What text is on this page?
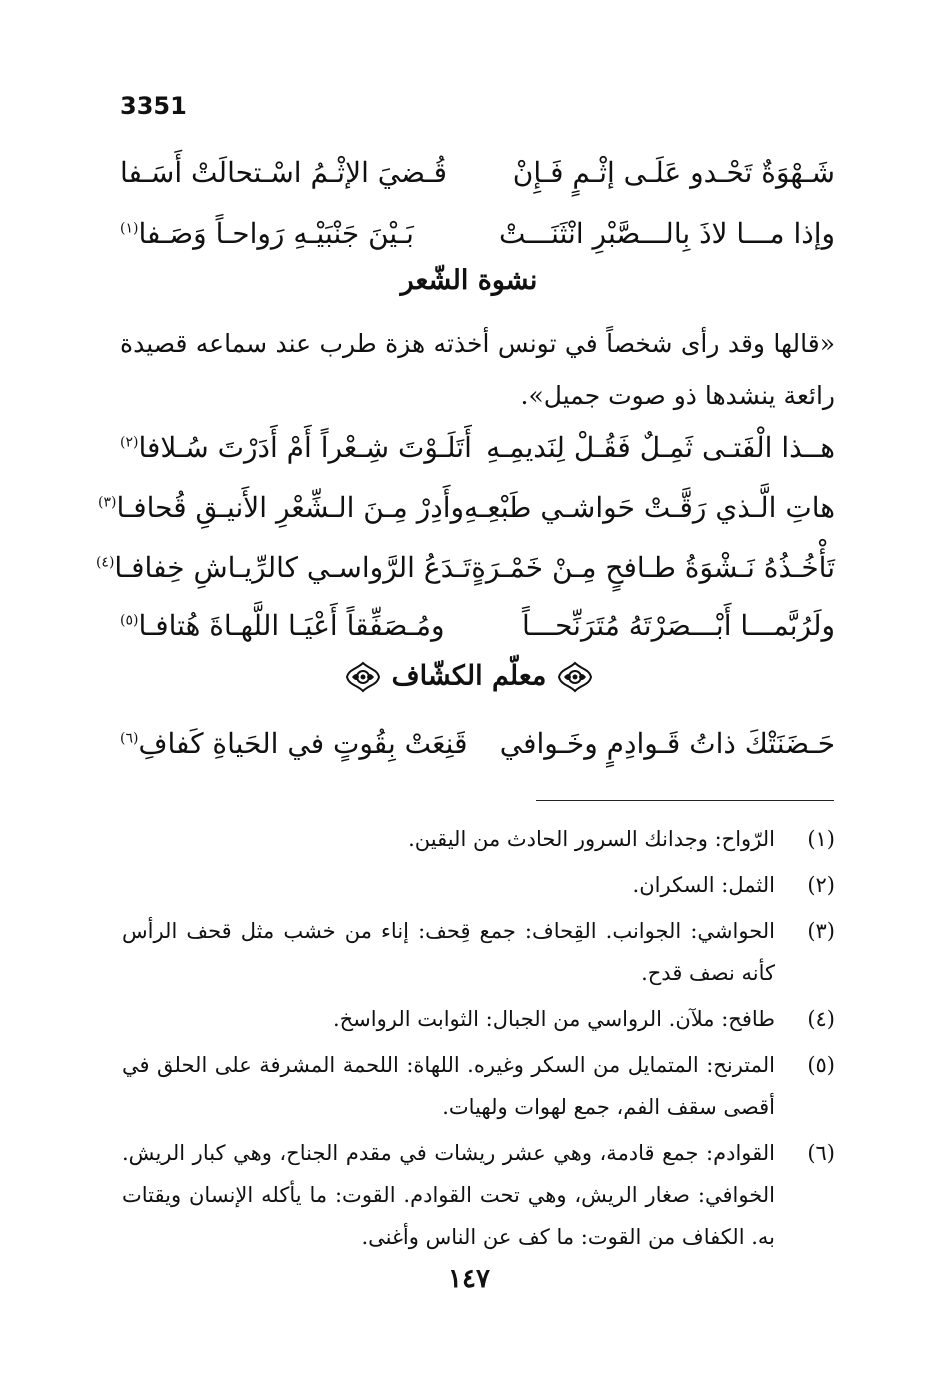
3351
شَـهْوَةٌ تَحْـدو عَلَـى إثْـمٍ فَـإِنْ
قُـضيَ الإثْـمُ اسْـتحالَتْ أَسَـفا
وإذا مـــا لاذَ بِالـــصَّبْرِ انْثَنَـــتْ
بَـيْنَ جَنْبَيْـهِ رَواحـاً وَصَـفا$^{(١)}$
نشوة الشّعر
«قالها وقد رأى شخصاً في تونس أخذته هزة طرب عند سماعه قصيدة رائعة ينشدها ذو صوت جميل».
هــذا الْفَتـى ثَمِـلٌ فَقُـلْ لِنَديمِـهِ
أَتَلَـوْتَ شِـعْراً أَمْ أَدَرْتَ سُـلافا$^{(٢)}$
هاتِ الَّـذي رَقَّـتْ حَواشـي طَبْعِـهِ
وأَدِرْ مِـنَ الـشِّعْرِ الأَنيـقِ قُحافـا$^{(٣)}$
تَأْخُـذُهُ نَـشْوَةُ طـافحٍ مِـنْ خَمْـرَةٍ
تَـدَعُ الرَّواسـي كالرِّيـاشِ خِفافـا$^{(٤)}$
ولَرُبَّمـــا أَبْـــصَرْتَهُ مُتَرَنِّحـــاً
ومُـصَفِّقاً أَعْيَـا اللَّهـاةَ هُتافـا$^{(٥)}$
معلّم الكشّاف
حَـضَنَتْكَ ذاتُ قَـوادِمٍ وخَـوافي
قَنِعَتْ بِقُوتٍ في الحَياةِ كَفافِ$^{(٦)}$
(١)
الرّواح: وجدانك السرور الحادث من اليقين.
(٢)
الثمل: السكران.
(٣)
الحواشي: الجوانب. القِحاف: جمع قِحف: إناء من خشب مثل قحف الرأس كأنه نصف قدح.
(٤)
طافح: ملآن. الرواسي من الجبال: الثوابت الرواسخ.
(٥)
المترنح: المتمايل من السكر وغيره. اللهاة: اللحمة المشرفة على الحلق في أقصى سقف الفم، جمع لهوات ولهيات.
(٦)
القوادم: جمع قادمة، وهي عشر ريشات في مقدم الجناح، وهي كبار الريش. الخوافي: صغار الريش، وهي تحت القوادم. القوت: ما يأكله الإنسان ويقتات به. الكفاف من القوت: ما كف عن الناس وأغنى.
١٤٧
